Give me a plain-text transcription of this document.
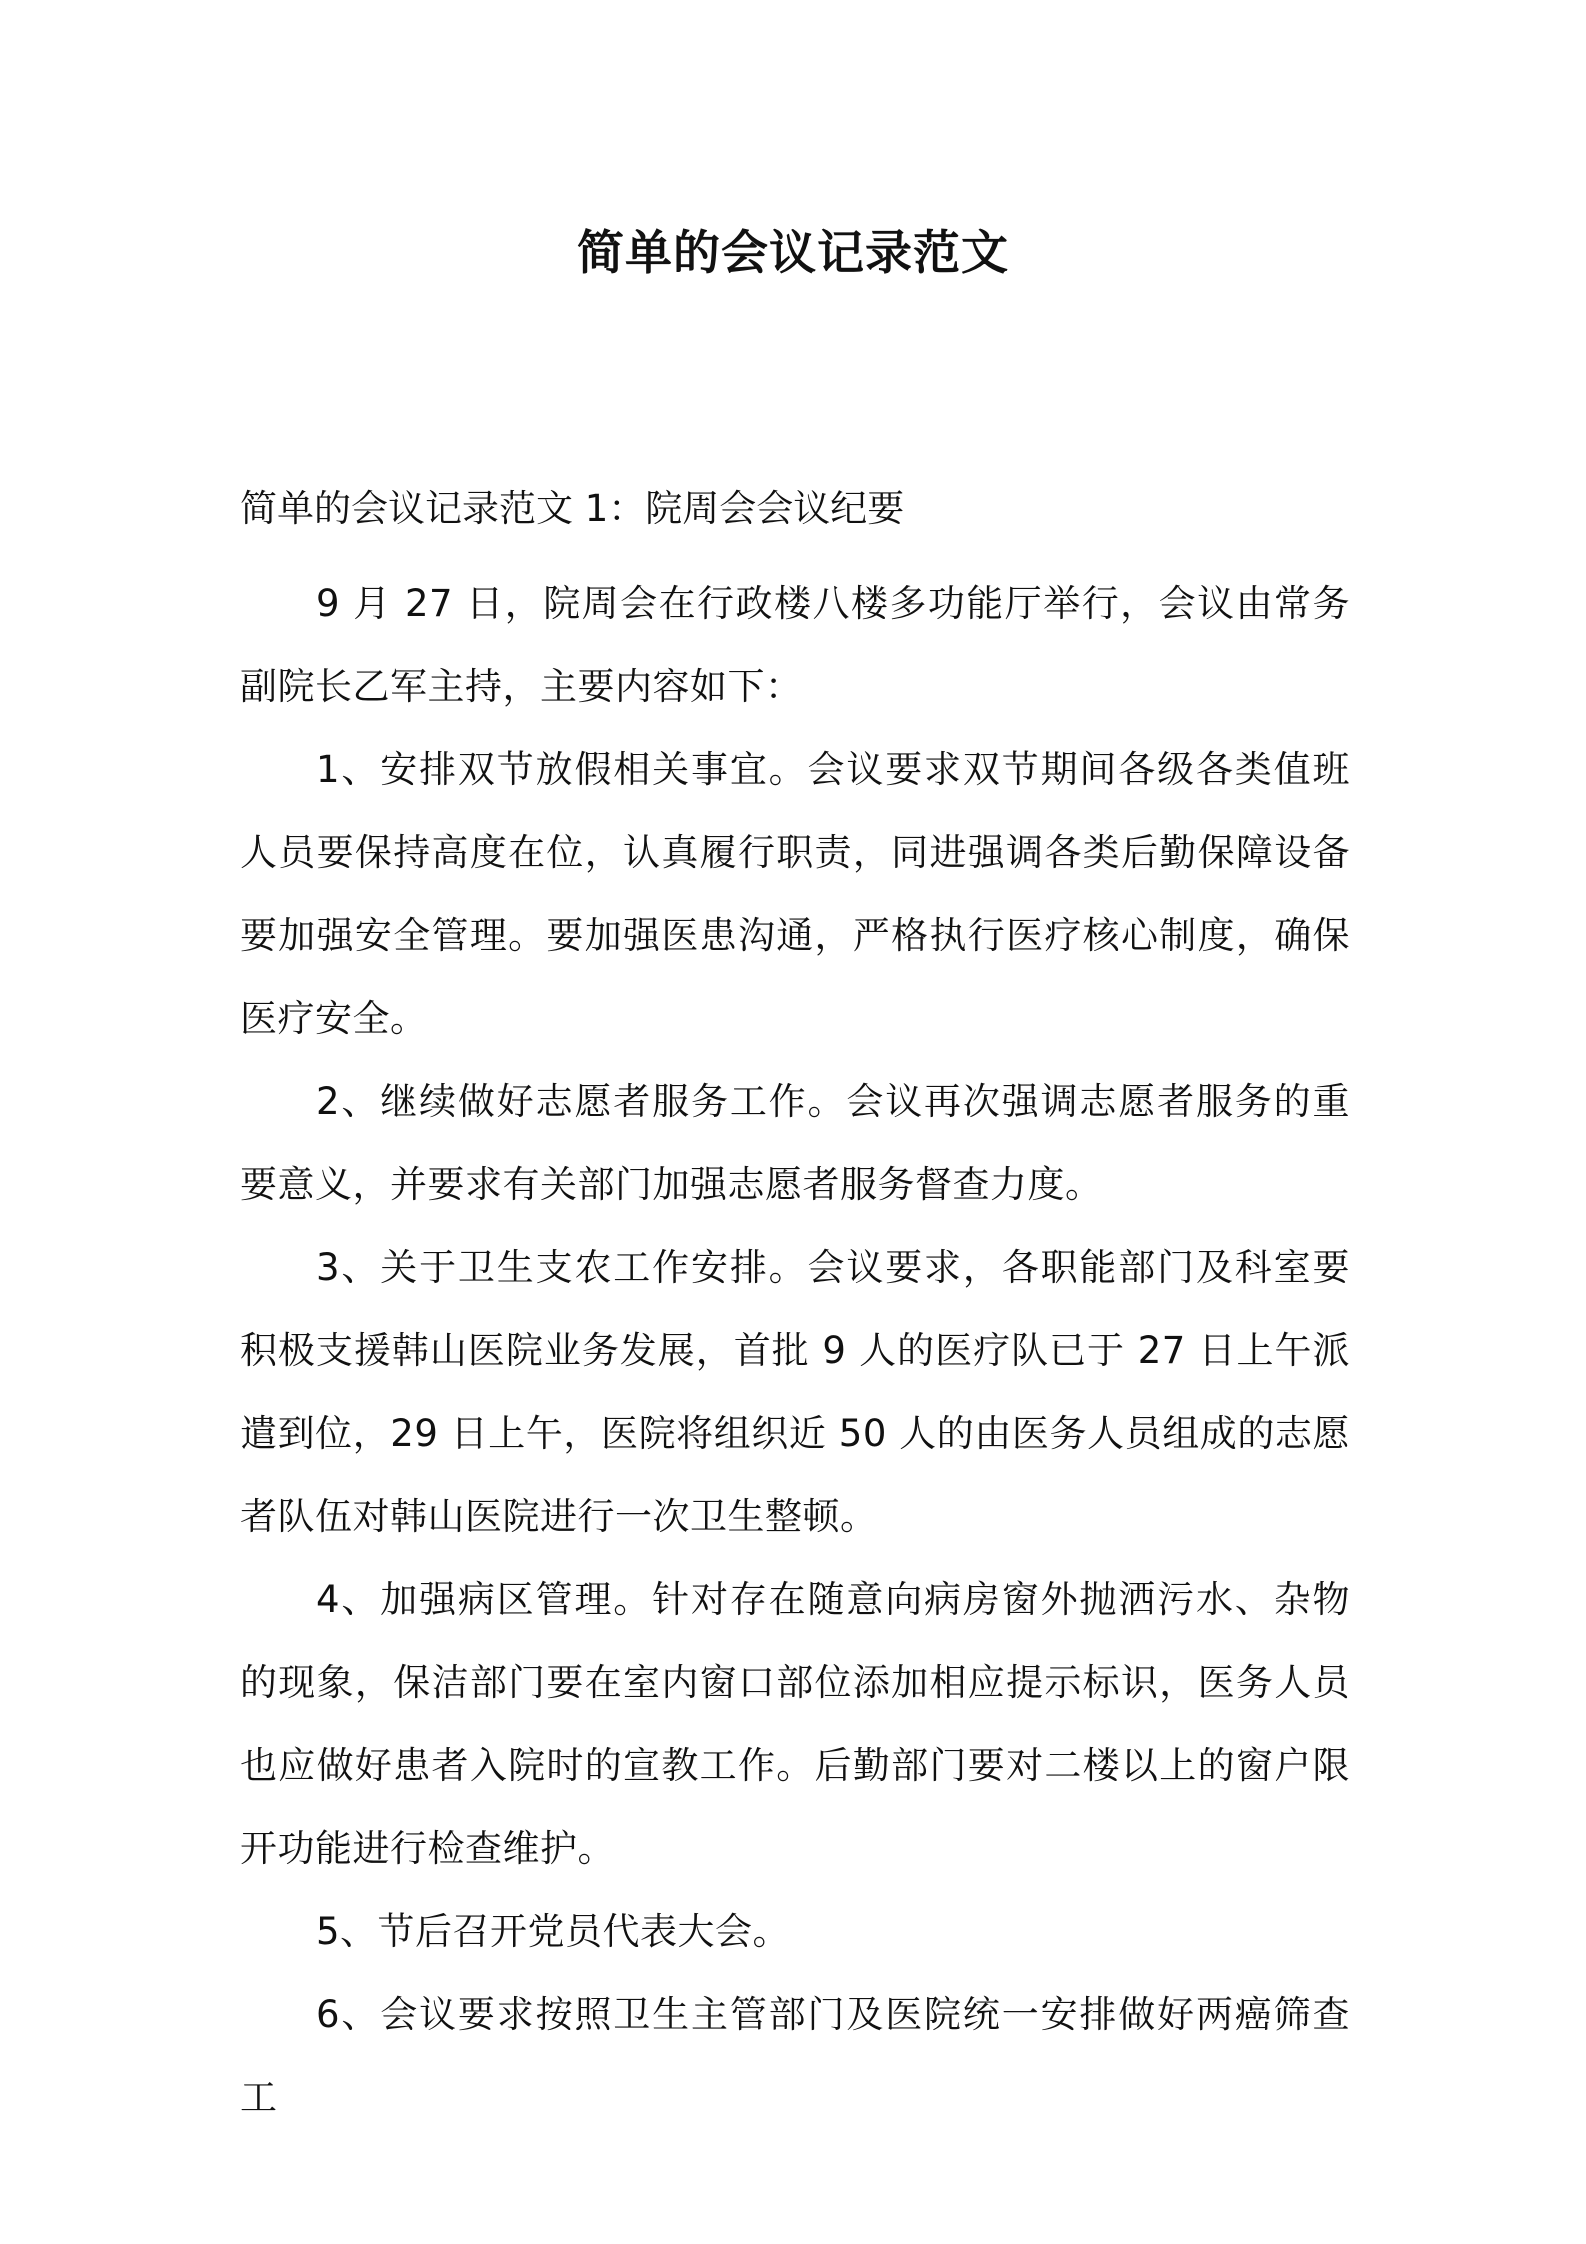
简单的会议记录范文
简单的会议记录范文 1：院周会会议纪要

9 月 27 日，院周会在行政楼八楼多功能厅举行，会议由常务副院长乙军主持，主要内容如下：

1、安排双节放假相关事宜。会议要求双节期间各级各类值班人员要保持高度在位，认真履行职责，同进强调各类后勤保障设备要加强安全管理。要加强医患沟通，严格执行医疗核心制度，确保医疗安全。

2、继续做好志愿者服务工作。会议再次强调志愿者服务的重要意义，并要求有关部门加强志愿者服务督查力度。

3、关于卫生支农工作安排。会议要求，各职能部门及科室要积极支援韩山医院业务发展，首批 9 人的医疗队已于 27 日上午派遣到位，29 日上午，医院将组织近 50 人的由医务人员组成的志愿者队伍对韩山医院进行一次卫生整顿。

4、加强病区管理。针对存在随意向病房窗外抛洒污水、杂物的现象，保洁部门要在室内窗口部位添加相应提示标识，医务人员也应做好患者入院时的宣教工作。后勤部门要对二楼以上的窗户限开功能进行检查维护。

5、节后召开党员代表大会。

6、会议要求按照卫生主管部门及医院统一安排做好两癌筛查工
